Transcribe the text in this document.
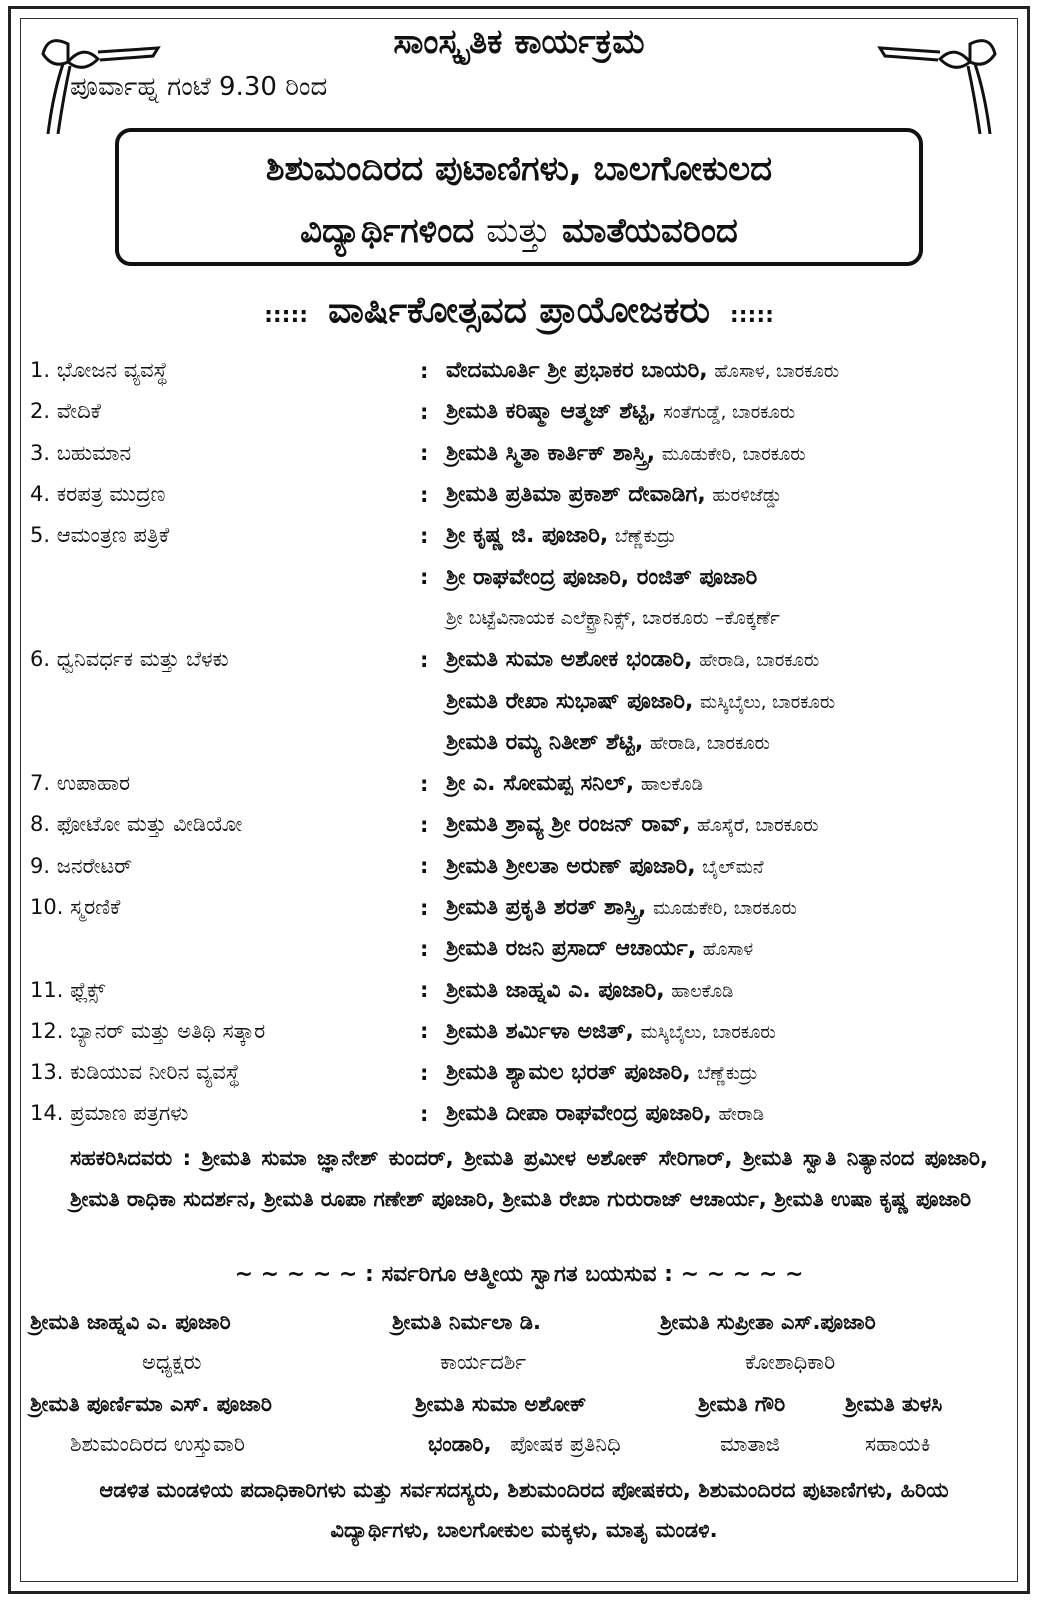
ಸಾಂಸ್ಕೃತಿಕ ಕಾರ್ಯಕ್ರಮ
ಪೂರ್ವಾಹ್ನ ಗಂಟೆ 9.30 ರಿಂದ
ಶಿಶುಮಂದಿರದ ಪುಟಾಣಿಗಳು, ಬಾಲಗೋಕುಲದ
ವಿದ್ಯಾರ್ಥಿಗಳಿಂದ ಮತ್ತು ಮಾತೆಯವರಿಂದ
::::: ವಾರ್ಷಿಕೋತ್ಸವದ ಪ್ರಾಯೋಜಕರು :::::
1. ಭೋಜನ ವ್ಯವಸ್ಥೆ	: ವೇದಮೂರ್ತಿ ಶ್ರೀ ಪ್ರಭಾಕರ ಬಾಯರಿ, ಹೊಸಾಳ, ಬಾರಕೂರು
2. ವೇದಿಕೆ	: ಶ್ರೀಮತಿ ಕರಿಷ್ಮಾ ಆತ್ಮಜ್ ಶೆಟ್ಟಿ, ಸಂತೆಗುಡ್ಡೆ, ಬಾರಕೂರು
3. ಬಹುಮಾನ	: ಶ್ರೀಮತಿ ಸ್ಮಿತಾ ಕಾರ್ತಿಕ್ ಶಾಸ್ತ್ರಿ, ಮೂಡುಕೇರಿ, ಬಾರಕೂರು
4. ಕರಪತ್ರ ಮುದ್ರಣ	: ಶ್ರೀಮತಿ ಪ್ರತಿಮಾ ಪ್ರಕಾಶ್ ದೇವಾಡಿಗ, ಹುರಳಿಜೆಡ್ಡು
5. ಆಮಂತ್ರಣ ಪತ್ರಿಕೆ	: ಶ್ರೀ ಕೃಷ್ಣ ಜಿ. ಪೂಜಾರಿ, ಬೆಣ್ಣೆಕುದ್ರು
: ಶ್ರೀ ರಾಘವೇಂದ್ರ ಪೂಜಾರಿ, ರಂಜಿತ್ ಪೂಜಾರಿ
ಶ್ರೀ ಬಟ್ಟೆವಿನಾಯಕ ಎಲೆಕ್ಟ್ರಾನಿಕ್ಸ್, ಬಾರಕೂರು –ಕೊಕ್ಕರ್ಣೆ
6. ಧ್ವನಿವರ್ಧಕ ಮತ್ತು ಬೆಳಕು	: ಶ್ರೀಮತಿ ಸುಮಾ ಅಶೋಕ ಭಂಡಾರಿ, ಹೇರಾಡಿ, ಬಾರಕೂರು
ಶ್ರೀಮತಿ ರೇಖಾ ಸುಭಾಷ್ ಪೂಜಾರಿ, ಮಸ್ಕಿಬೈಲು, ಬಾರಕೂರು
ಶ್ರೀಮತಿ ರಮ್ಯ ನಿತೀಶ್ ಶೆಟ್ಟಿ, ಹೇರಾಡಿ, ಬಾರಕೂರು
7. ಉಪಾಹಾರ	: ಶ್ರೀ ಎ. ಸೋಮಪ್ಪ ಸನಿಲ್, ಹಾಲಕೊಡಿ
8. ಫೋಟೋ ಮತ್ತು ವೀಡಿಯೋ	: ಶ್ರೀಮತಿ ಶ್ರಾವ್ಯ ಶ್ರೀ ರಂಜನ್ ರಾವ್, ಹೊಸ್ಕೆರೆ, ಬಾರಕೂರು
9. ಜನರೇಟರ್	: ಶ್ರೀಮತಿ ಶ್ರೀಲತಾ ಅರುಣ್ ಪೂಜಾರಿ, ಬೈಲ್‌ಮನೆ
10. ಸ್ಮರಣಿಕೆ	: ಶ್ರೀಮತಿ ಪ್ರಕೃತಿ ಶರತ್ ಶಾಸ್ತ್ರಿ, ಮೂಡುಕೇರಿ, ಬಾರಕೂರು
: ಶ್ರೀಮತಿ ರಜನಿ ಪ್ರಸಾದ್ ಆಚಾರ್ಯ, ಹೊಸಾಳ
11. ಫ್ಲೆಕ್ಸ್	: ಶ್ರೀಮತಿ ಜಾಹ್ನವಿ ಎ. ಪೂಜಾರಿ, ಹಾಲಕೊಡಿ
12. ಬ್ಯಾನರ್ ಮತ್ತು ಅತಿಥಿ ಸತ್ಕಾರ	: ಶ್ರೀಮತಿ ಶರ್ಮಿಳಾ ಅಜಿತ್, ಮಸ್ಕಿಬೈಲು, ಬಾರಕೂರು
13. ಕುಡಿಯುವ ನೀರಿನ ವ್ಯವಸ್ಥೆ	: ಶ್ರೀಮತಿ ಶ್ಯಾಮಲ ಭರತ್ ಪೂಜಾರಿ, ಬೆಣ್ಣೆಕುದ್ರು
14. ಪ್ರಮಾಣ ಪತ್ರಗಳು	: ಶ್ರೀಮತಿ ದೀಪಾ ರಾಘವೇಂದ್ರ ಪೂಜಾರಿ, ಹೇರಾಡಿ
ಸಹಕರಿಸಿದವರು : ಶ್ರೀಮತಿ ಸುಮಾ ಜ್ಞಾನೇಶ್ ಕುಂದರ್, ಶ್ರೀಮತಿ ಪ್ರಮೀಳ ಅಶೋಕ್ ಸೇರಿಗಾರ್, ಶ್ರೀಮತಿ ಸ್ವಾತಿ ನಿತ್ಯಾನಂದ ಪೂಜಾರಿ, ಶ್ರೀಮತಿ ರಾಧಿಕಾ ಸುದರ್ಶನ, ಶ್ರೀಮತಿ ರೂಪಾ ಗಣೇಶ್ ಪೂಜಾರಿ, ಶ್ರೀಮತಿ ರೇಖಾ ಗುರುರಾಜ್ ಆಚಾರ್ಯ, ಶ್ರೀಮತಿ ಉಷಾ ಕೃಷ್ಣ ಪೂಜಾರಿ
~ ~ ~ ~ ~ : ಸರ್ವರಿಗೂ ಆತ್ಮೀಯ ಸ್ವಾಗತ ಬಯಸುವ : ~ ~ ~ ~ ~
ಶ್ರೀಮತಿ ಜಾಹ್ನವಿ ಎ. ಪೂಜಾರಿ
ಅಧ್ಯಕ್ಷರು
ಶ್ರೀಮತಿ ನಿರ್ಮಲಾ ಡಿ.
ಕಾರ್ಯದರ್ಶಿ
ಶ್ರೀಮತಿ ಸುಪ್ರೀತಾ ಎಸ್.ಪೂಜಾರಿ
ಕೋಶಾಧಿಕಾರಿ
ಶ್ರೀಮತಿ ಪೂರ್ಣಿಮಾ ಎಸ್. ಪೂಜಾರಿ
ಶಿಶುಮಂದಿರದ ಉಸ್ತುವಾರಿ
ಶ್ರೀಮತಿ ಸುಮಾ ಅಶೋಕ್
ಭಂಡಾರಿ, ಪೋಷಕ ಪ್ರತಿನಿಧಿ
ಶ್ರೀಮತಿ ಗೌರಿ
ಮಾತಾಜಿ
ಶ್ರೀಮತಿ ತುಳಸಿ
ಸಹಾಯಕಿ
ಆಡಳಿತ ಮಂಡಳಿಯ ಪದಾಧಿಕಾರಿಗಳು ಮತ್ತು ಸರ್ವಸದಸ್ಯರು, ಶಿಶುಮಂದಿರದ ಪೋಷಕರು, ಶಿಶುಮಂದಿರದ ಪುಟಾಣಿಗಳು, ಹಿರಿಯ ವಿದ್ಯಾರ್ಥಿಗಳು, ಬಾಲಗೋಕುಲ ಮಕ್ಕಳು, ಮಾತೃ ಮಂಡಳಿ.
